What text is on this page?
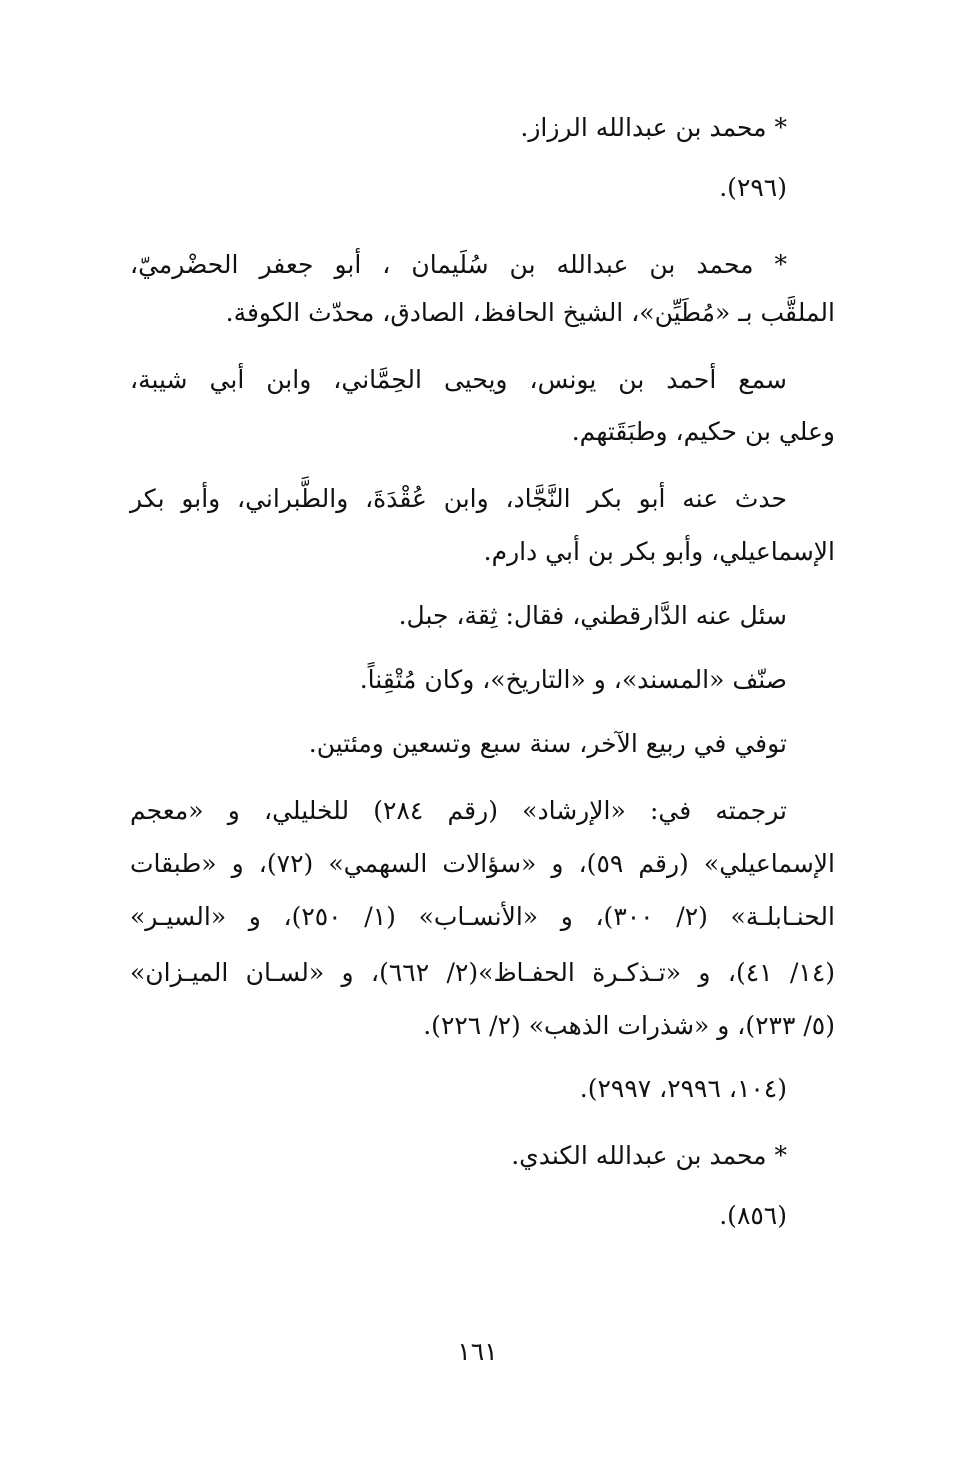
* محمد بن عبدالله الرزاز.
(٢٩٦).
* محمد بن عبدالله بن سُلَيمان ، أبو جعفر الحضْرميّ،
الملقَّب بـ «مُطَيِّن»، الشيخ الحافظ، الصادق، محدّث الكوفة.
سمع أحمد بن يونس، ويحيى الحِمَّاني، وابن أبي شيبة،
وعلي بن حكيم، وطبَقَتهم.
حدث عنه أبو بكر النَّجَّاد، وابن عُقْدَةَ، والطَّبراني، وأبو بكر
الإسماعيلي، وأبو بكر بن أبي دارم.
سئل عنه الدَّارقطني، فقال: ثِقة، جبل.
صنّف «المسند»، و «التاريخ»، وكان مُتْقِناً.
توفي في ربيع الآخر، سنة سبع وتسعين ومئتين.
ترجمته في: «الإرشاد» (رقم ٢٨٤) للخليلي، و «معجم
الإسماعيلي» (رقم ٥٩)، و «سؤالات السهمي» (٧٢)، و «طبقات
الحنـابلـة» (٢/ ٣٠٠)، و «الأنسـاب» (١/ ٢٥٠)، و «السيـر»
(١٤/ ٤١)، و «تـذكـرة الحفـاظ»(٢/ ٦٦٢)، و «لسـان الميـزان»
(٥/ ٢٣٣)، و «شذرات الذهب» (٢/ ٢٢٦).
(١٠٤، ٢٩٩٦، ٢٩٩٧).
* محمد بن عبدالله الكندي.
(٨٥٦).
١٦١
